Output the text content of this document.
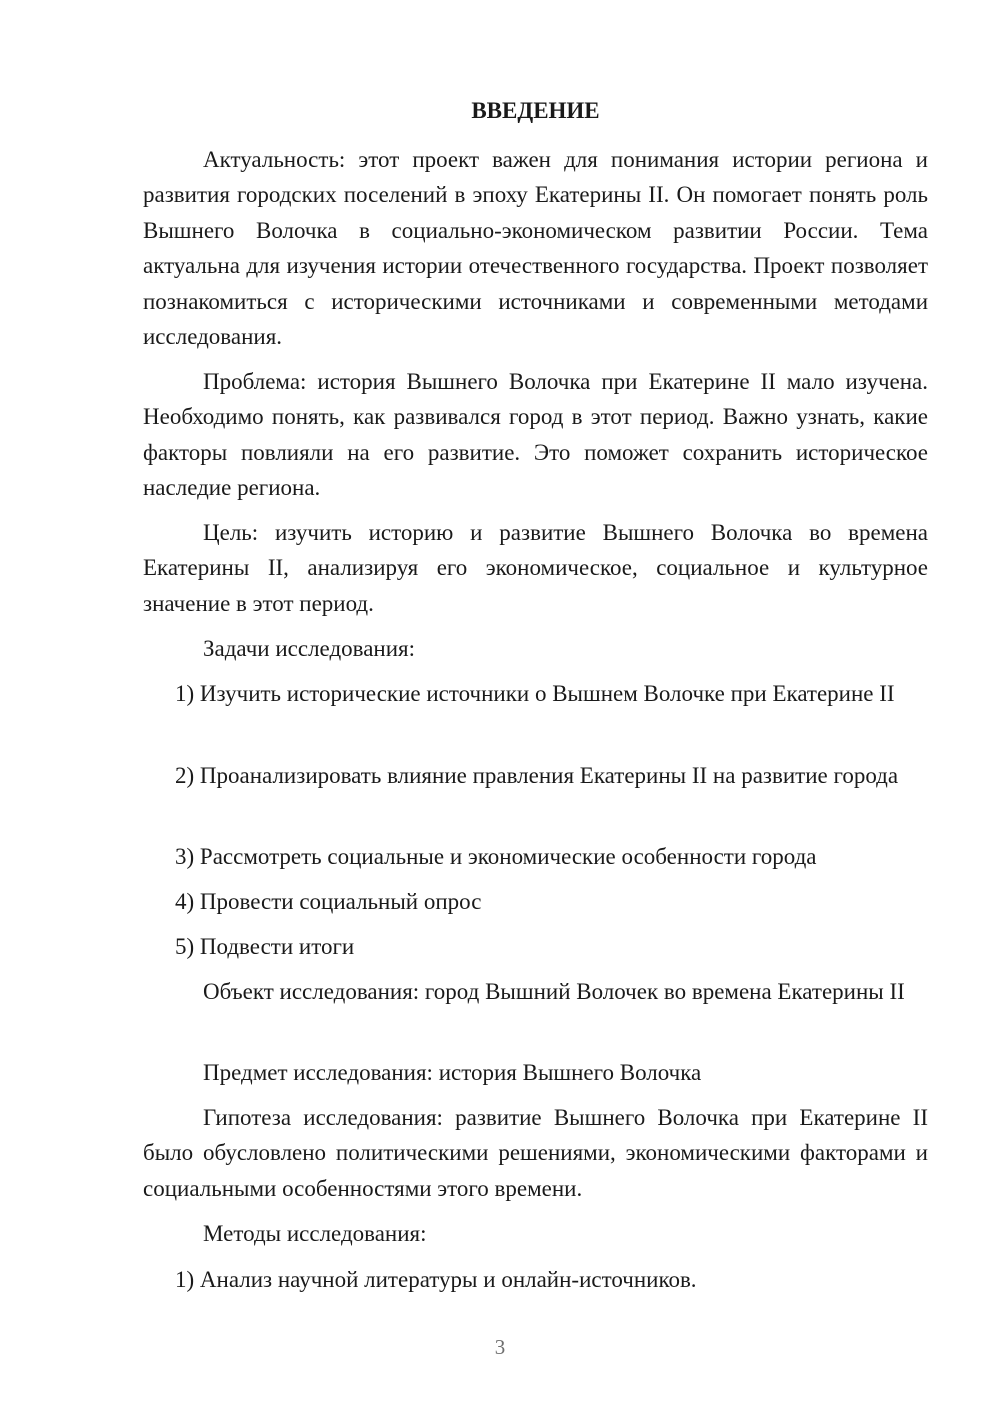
ВВЕДЕНИЕ

Актуальность: этот проект важен для понимания истории региона и развития городских поселений в эпоху Екатерины II. Он помогает понять роль Вышнего Волочка в социально-экономическом развитии России. Тема актуальна для изучения истории отечественного государства. Проект позволяет познакомиться с историческими источниками и современными методами исследования.

Проблема: история Вышнего Волочка при Екатерине II мало изучена. Необходимо понять, как развивался город в этот период. Важно узнать, какие факторы повлияли на его развитие. Это поможет сохранить историческое наследие региона.

Цель: изучить историю и развитие Вышнего Волочка во времена Екатерины II, анализируя его экономическое, социальное и культурное значение в этот период.

Задачи исследования:

1) Изучить исторические источники о Вышнем Волочке при Екатерине II

2) Проанализировать влияние правления Екатерины II на развитие города

3) Рассмотреть социальные и экономические особенности города

4) Провести социальный опрос

5) Подвести итоги

Объект исследования: город Вышний Волочек во времена Екатерины II

Предмет исследования: история Вышнего Волочка

Гипотеза исследования: развитие Вышнего Волочка при Екатерине II было обусловлено политическими решениями, экономическими факторами и социальными особенностями этого времени.

Методы исследования:

1) Анализ научной литературы и онлайн-источников.

3
